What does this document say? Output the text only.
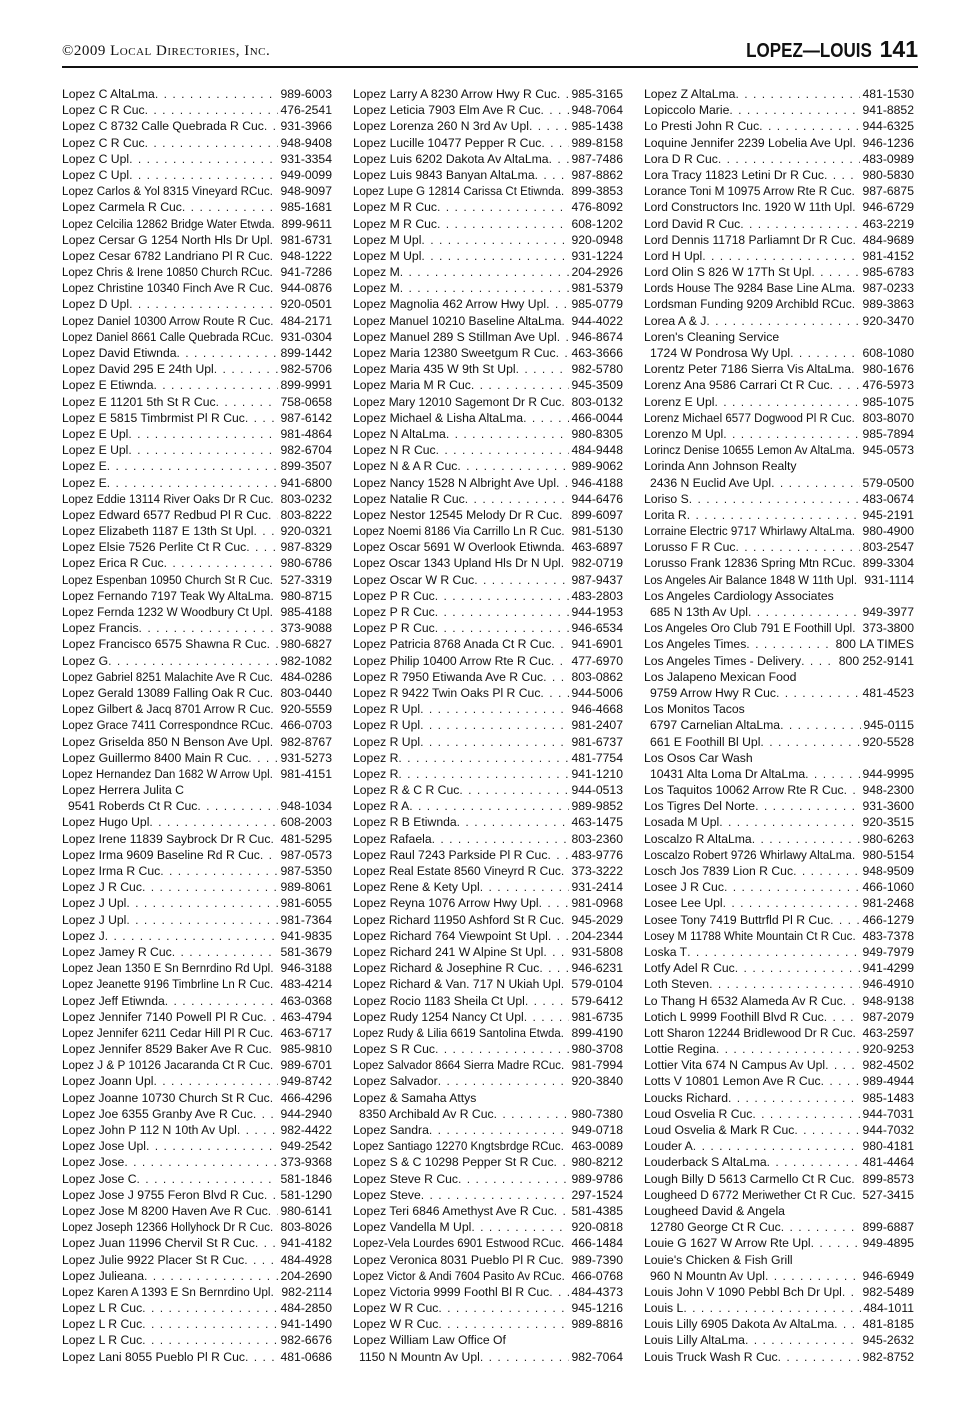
©2009 Local Directories, Inc.	LOPEZ—LOUIS 141
Lopez C AltaLma . . .	989-6003
Lopez C R Cuc . . .	476-2541
Lopez C 8732 Calle Quebrada R Cuc . . . 931-3966
Lopez C R Cuc . . .	948-9408
Lopez C Upl . . .	931-3354
Lopez C Upl . . .	949-0099
Lopez Carlos & Yol 8315 Vineyard RCuc . . . 948-9097
Lopez Carmela R Cuc . . .	985-1681
Lopez Celcilia 12862 Bridge Water Etwda . . . 899-9611
Lopez Cersar G 1254 North Hls Dr Upl . . . 981-6731
Lopez Cesar 6782 Landriano Pl R Cuc . . . 948-1222
Lopez Chris & Irene 10850 Church RCuc . . . 941-7286
Lopez Christine 10340 Finch Ave R Cuc . . . 944-0876
Lopez D Upl . . .	920-0501
Lopez Daniel 10300 Arrow Route R Cuc . . . 484-2171
Lopez Daniel 8661 Calle Quebrada RCuc . . . 931-0304
Lopez David Etiwnda . . .	899-1442
Lopez David 295 E 24th Upl . . .	982-5706
Lopez E Etiwnda . . .	899-9991
Lopez E 11201 5th St R Cuc . . .	758-0658
Lopez E 5815 Timbrmist Pl R Cuc . . .	987-6142
Lopez E Upl . . .	981-4864
Lopez E Upl . . .	982-6704
Lopez E . . .	899-3507
Lopez E . . .	941-6800
Lopez Eddie 13114 River Oaks Dr R Cuc . . . 803-0232
Lopez Edward 6577 Redbud Pl R Cuc . . . 803-8222
Lopez Elizabeth 1187 E 13th St Upl . . . 920-0321
Lopez Elsie 7526 Perlite Ct R Cuc . . .	987-8329
Lopez Erica R Cuc . . .	980-6786
Lopez Espenban 10950 Church St R Cuc . . . 527-3319
Lopez Fernando 7197 Teak Wy AltaLma . . . 980-8715
Lopez Fernda 1232 W Woodbury Ct Upl . . . 985-4188
Lopez Francis . . .	373-9088
Lopez Francisco 6575 Shawna R Cuc . . . 980-6827
Lopez G . . .	982-1082
Lopez Gabriel 8251 Malachite Ave R Cuc . . . 484-0286
Lopez Gerald 13089 Falling Oak R Cuc . . . 803-0440
Lopez Gilbert & Jacq 8701 Arrow R Cuc . . . 920-5559
Lopez Grace 7411 Correspondnce RCuc . . . 466-0703
Lopez Griselda 850 N Benson Ave Upl . . . 982-8767
Lopez Guillermo 8400 Main R Cuc . . .	931-5273
Lopez Hernandez Dan 1682 W Arrow Upl . . . 981-4151
Lopez Herrera Julita C
9541 Roberds Ct R Cuc . . .	948-1034
Lopez Hugo Upl . . .	608-2003
Lopez Irene 11839 Saybrock Dr R Cuc . . . 481-5295
Lopez Irma 9609 Baseline Rd R Cuc . . . 987-0573
Lopez Irma R Cuc . . .	987-5350
Lopez J R Cuc . . .	989-8061
Lopez J Upl . . .	981-6055
Lopez J Upl . . .	981-7364
Lopez J . . .	941-9835
Lopez Jamey R Cuc . . .	581-3679
Lopez Jean 1350 E Sn Bernrdino Rd Upl . . . 946-3188
Lopez Jeanette 9196 Timbrline Ln R Cuc . . . 483-4214
Lopez Jeff Etiwnda . . .	463-0368
Lopez Jennifer 7140 Powell Pl R Cuc . . . 463-4794
Lopez Jennifer 6211 Cedar Hill Pl R Cuc . . . 463-6717
Lopez Jennifer 8529 Baker Ave R Cuc . . . 985-9810
Lopez J & P 10126 Jacaranda Ct R Cuc . . . 989-6701
Lopez Joann Upl . . .	949-8742
Lopez Joanne 10730 Church St R Cuc . . . 466-4296
Lopez Joe 6355 Granby Ave R Cuc . . . 944-2940
Lopez John P 112 N 10th Av Upl . . .	982-4422
Lopez Jose Upl . . .	949-2542
Lopez Jose . . .	373-9368
Lopez Jose C . . .	581-1846
Lopez Jose J 9755 Feron Blvd R Cuc . . . 581-1290
Lopez Jose M 8200 Haven Ave R Cuc . . . 980-6141
Lopez Joseph 12366 Hollyhock Dr R Cuc . . . 803-8026
Lopez Juan 11996 Chervil St R Cuc . . . 941-4182
Lopez Julie 9922 Placer St R Cuc . . .	484-4928
Lopez Julieana . . .	204-2690
Lopez Karen A 1393 E Sn Bernrdino Upl . . . 982-2114
Lopez L R Cuc . . .	484-2850
Lopez L R Cuc . . .	941-1490
Lopez L R Cuc . . .	982-6676
Lopez Lani 8055 Pueblo Pl R Cuc . . .	481-0686
Lopez Larry A 8230 Arrow Hwy R Cuc . . . 985-3165
Lopez Leticia 7903 Elm Ave R Cuc . . .	948-7064
Lopez Lorenza 260 N 3rd Av Upl . . .	985-1438
Lopez Lucille 10477 Pepper R Cuc . . . 989-8158
Lopez Luis 6202 Dakota Av AltaLma . . . 987-7486
Lopez Luis 9843 Banyan AltaLma . . .	987-8862
Lopez Lupe G 12814 Carissa Ct Etiwnda . . . 899-3853
Lopez M R Cuc . . .	476-8092
Lopez M R Cuc . . .	608-1202
Lopez M Upl . . .	920-0948
Lopez M Upl . . .	931-1224
Lopez M . . .	204-2926
Lopez M . . .	981-5379
Lopez Magnolia 462 Arrow Hwy Upl . . . 985-0779
Lopez Manuel 10210 Baseline AltaLma . . . 944-4022
Lopez Manuel 289 S Stillman Ave Upl . . . 946-8674
Lopez Maria 12380 Sweetgum R Cuc . . . 463-3666
Lopez Maria 435 W 9th St Upl . . .	982-5780
Lopez Maria M R Cuc . . .	945-3509
Lopez Mary 12010 Sagemont Dr R Cuc . . . 803-0132
Lopez Michael & Lisha AltaLma . . .	466-0044
Lopez N AltaLma . . .	980-8305
Lopez N R Cuc . . .	484-9448
Lopez N & A R Cuc . . .	989-9062
Lopez Nancy 1528 N Albright Ave Upl . . . 946-4188
Lopez Natalie R Cuc . . .	944-6476
Lopez Nestor 12545 Melody Dr R Cuc . . . 899-6097
Lopez Noemi 8186 Via Carrillo Ln R Cuc . . . 981-5130
Lopez Oscar 5691 W Overlook Etiwnda . . . 463-6897
Lopez Oscar 1343 Upland Hls Dr N Upl . . . 982-0719
Lopez Oscar W R Cuc . . .	987-9437
Lopez P R Cuc . . .	483-2803
Lopez P R Cuc . . .	944-1953
Lopez P R Cuc . . .	946-6534
Lopez Patricia 8768 Anada Ct R Cuc . . . 941-6901
Lopez Philip 10400 Arrow Rte R Cuc . . . 477-6970
Lopez R 7950 Etiwanda Ave R Cuc . . . 803-0862
Lopez R 9422 Twin Oaks Pl R Cuc . . .	944-5006
Lopez R Upl . . .	946-4668
Lopez R Upl . . .	981-2407
Lopez R Upl . . .	981-6737
Lopez R . . .	481-7754
Lopez R . . .	941-1210
Lopez R & C R Cuc . . .	944-0513
Lopez R A . . .	989-9852
Lopez R B Etiwnda . . .	463-1475
Lopez Rafaela . . .	803-2360
Lopez Raul 7243 Parkside Pl R Cuc . . . 483-9776
Lopez Real Estate 8560 Vineyrd R Cuc . . . 373-3222
Lopez Rene & Kety Upl . . .	931-2414
Lopez Reyna 1076 Arrow Hwy Upl . . .	981-0968
Lopez Richard 11950 Ashford St R Cuc . . . 945-2029
Lopez Richard 764 Viewpoint St Upl . . . 204-2344
Lopez Richard 241 W Alpine St Upl . . . 931-5808
Lopez Richard & Josephine R Cuc . . .	946-6231
Lopez Richard & Van. 717 N Ukiah Upl . . . 579-0104
Lopez Rocio 1183 Sheila Ct Upl . . .	579-6412
Lopez Rudy 1254 Nancy Ct Upl . . .	981-6735
Lopez Rudy & Lilia 6619 Santolina Etwda . . . 899-4190
Lopez S R Cuc . . .	980-3708
Lopez Salvador 8664 Sierra Madre RCuc . . . 981-7994
Lopez Salvador . . .	920-3840
Lopez & Samaha Attys
8350 Archibald Av R Cuc . . .	980-7380
Lopez Sandra . . .	949-0718
Lopez Santiago 12270 Kngtsbrdge RCuc . . . 463-0089
Lopez S & C 10298 Pepper St R Cuc . . . 980-8212
Lopez Steve R Cuc . . .	989-9786
Lopez Steve . . .	297-1524
Lopez Teri 6846 Amethyst Ave R Cuc . . . 581-4385
Lopez Vandella M Upl . . .	920-0818
Lopez-Vela Lourdes 6901 Estwood RCuc . . . 466-1484
Lopez Veronica 8031 Pueblo Pl R Cuc . . . 989-7390
Lopez Victor & Andi 7604 Pasito Av RCuc . . . 466-0768
Lopez Victoria 9999 Foothl Bl R Cuc . . . 484-4373
Lopez W R Cuc . . .	945-1216
Lopez W R Cuc . . .	989-8816
Lopez William Law Office Of
1150 N Mountn Av Upl . . .	982-7064
Lopez Z AltaLma . . .	481-1530
Lopiccolo Marie . . .	941-8852
Lo Presti John R Cuc . . .	944-6325
Loquine Jennifer 2239 Lobelia Ave Upl . . . 946-1236
Lora D R Cuc . . .	483-0989
Lora Tracy 11823 Letini Dr R Cuc . . .	980-5830
Lorance Toni M 10975 Arrow Rte R Cuc . . . 987-6875
Lord Constructors Inc. 1920 W 11th Upl . . . 946-6729
Lord David R Cuc . . .	463-2219
Lord Dennis 11718 Parliamnt Dr R Cuc . . . 484-9689
Lord H Upl . . .	981-4152
Lord Olin S 826 W 17Th St Upl . . .	985-6783
Lords House The 9284 Base Line ALma . . . 987-0233
Lordsman Funding 9209 Archibld RCuc . . . 989-3863
Lorea A & J . . .	920-3470
Loren's Cleaning Service
1724 W Pondrosa Wy Upl . . .	608-1080
Lorentz Peter 7186 Sierra Vis AltaLma . . . 980-1676
Lorenz Ana 9586 Carrari Ct R Cuc . . .	476-5973
Lorenz E Upl . . .	985-1075
Lorenz Michael 6577 Dogwood Pl R Cuc . . . 803-8070
Lorenzo M Upl . . .	985-7894
Lorincz Denise 10655 Lemon Av AltaLma . . . 945-0573
Lorinda Ann Johnson Realty
2436 N Euclid Ave Upl . . .	579-0500
Loriso S . . .	483-0674
Lorita R . . .	945-2191
Lorraine Electric 9717 Whirlawy AltaLma . . . 980-4900
Lorusso F R Cuc . . .	803-2547
Lorusso Frank 12836 Spring Mtn RCuc . . . 899-3304
Los Angeles Air Balance 1848 W 11th Upl . . . 931-1114
Los Angeles Cardiology Associates
685 N 13th Av Upl . . .	949-3977
Los Angeles Oro Club 791 E Foothill Upl . . . 373-3800
Los Angeles Times . . .	800 LA TIMES
Los Angeles Times - Delivery . . .	800 252-9141
Los Jalapeno Mexican Food
9759 Arrow Hwy R Cuc . . .	481-4523
Los Monitos Tacos
6797 Carnelian AltaLma . . .	945-0115
661 E Foothill Bl Upl . . .	920-5528
Los Osos Car Wash
10431 Alta Loma Dr AltaLma . . .	944-9995
Los Taquitos 10062 Arrow Rte R Cuc . . . 948-2300
Los Tigres Del Norte . . .	931-3600
Losada M Upl . . .	920-3515
Loscalzo R AltaLma . . .	980-6263
Loscalzo Robert 9726 Whirlawy AltaLma . . . 980-5154
Losch Jos 7839 Lion R Cuc . . .	948-9509
Losee J R Cuc . . .	466-1060
Losee Lee Upl . . .	981-2468
Losee Tony 7419 Buttrfld Pl R Cuc . . .	466-1279
Losey M 11788 White Mountain Ct R Cuc . . . 483-7378
Loska T . . .	949-7979
Lotfy Adel R Cuc . . .	941-4299
Loth Steven . . .	946-4910
Lo Thang H 6532 Alameda Av R Cuc . . . 948-9138
Lotich L 9999 Foothill Blvd R Cuc . . .	987-2079
Lott Sharon 12244 Bridlewood Dr R Cuc . . . 463-2597
Lottie Regina . . .	920-9253
Lottier Vita 674 N Campus Av Upl . . .	982-4502
Lotts V 10801 Lemon Ave R Cuc . . .	989-4944
Loucks Richard . . .	985-1483
Loud Osvelia R Cuc . . .	944-7031
Loud Osvelia & Mark R Cuc . . .	944-7032
Louder A . . .	980-4181
Louderback S AltaLma . . .	481-4464
Lough Billy D 5613 Carmello Ct R Cuc . . . 899-8573
Lougheed D 6772 Meriwether Ct R Cuc . . . 527-3415
Lougheed David & Angela
12780 George Ct R Cuc . . .	899-6887
Louie G 1627 W Arrow Rte Upl . . .	949-4895
Louie's Chicken & Fish Grill
960 N Mountn Av Upl . . .	946-6949
Louis John V 1090 Pebbl Bch Dr Upl . . . 982-5489
Louis L . . .	484-1011
Louis Lilly 6905 Dakota Av AltaLma . . . 481-8185
Louis Lilly AltaLma . . .	945-2632
Louis Truck Wash R Cuc . . .	982-8752
